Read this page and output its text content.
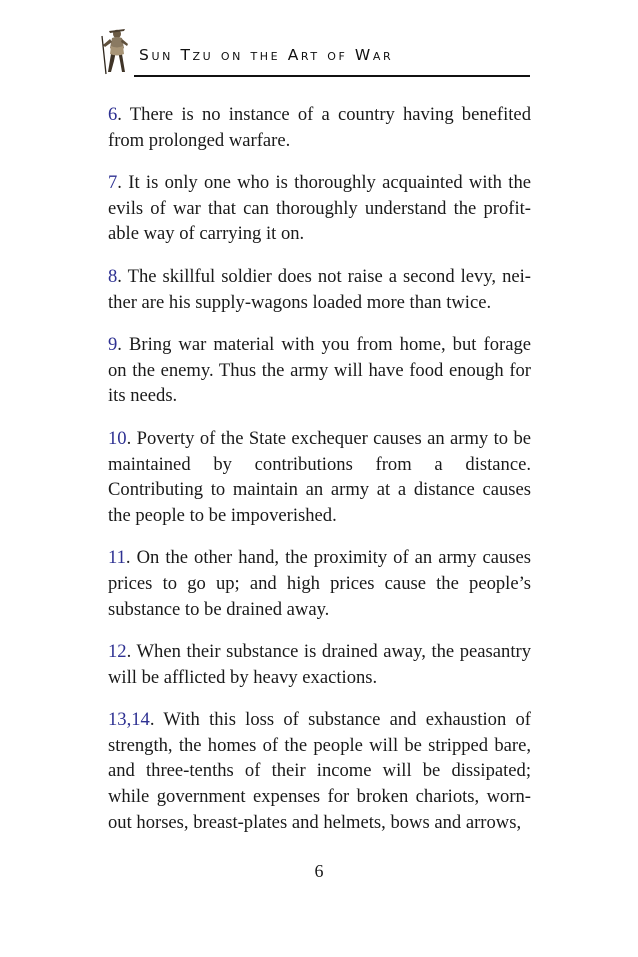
Sun Tzu on the Art of War

6. There is no instance of a country having benefited from prolonged warfare.

7. It is only one who is thoroughly acquainted with the evils of war that can thoroughly understand the profitable way of carrying it on.

8. The skillful soldier does not raise a second levy, neither are his supply-wagons loaded more than twice.

9. Bring war material with you from home, but forage on the enemy. Thus the army will have food enough for its needs.

10. Poverty of the State exchequer causes an army to be maintained by contributions from a distance. Contributing to maintain an army at a distance causes the people to be impoverished.

11. On the other hand, the proximity of an army causes prices to go up; and high prices cause the people’s substance to be drained away.

12. When their substance is drained away, the peasantry will be afflicted by heavy exactions.

13,14. With this loss of substance and exhaustion of strength, the homes of the people will be stripped bare, and three-tenths of their income will be dissipated; while government expenses for broken chariots, worn-out horses, breast-plates and helmets, bows and arrows,

6
